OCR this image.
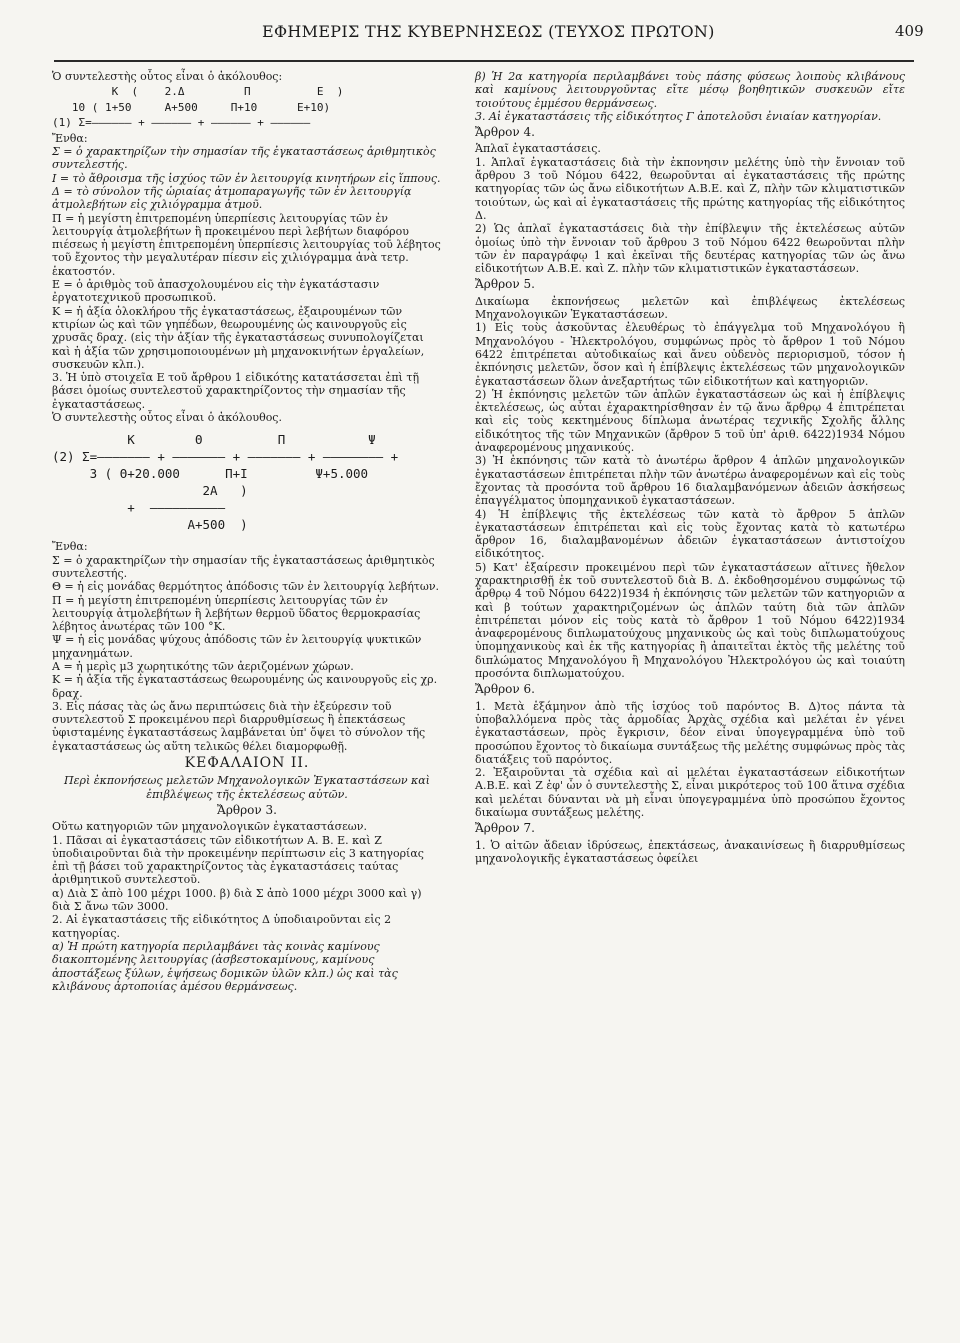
ΕΦΗΜΕΡΙΣ ΤΗΣ ΚΥΒΕΡΝΗΣΕΩΣ (ΤΕΥΧΟΣ ΠΡΩΤΟΝ)	409

Ὁ συντελεστὴς οὗτος εἶναι ὁ ἀκόλουθος:

K  (    2.Δ         Π          E  )

10 ( 1+50     A+500     Π+10      E+10)

(1) Σ=—————— + —————— + —————— + ——————

Ἔνθα:

Σ = ὁ χαρακτηρίζων τὴν σημασίαν τῆς ἐγκαταστάσεως ἀριθμητικὸς συντελεστής.

Ι = τὸ ἄθροισμα τῆς ἰσχύος τῶν ἐν λειτουργίᾳ κινητήρων εἰς ἵππους.

Δ = τὸ σύνολον τῆς ὡριαίας ἀτμοπαραγωγῆς τῶν ἐν λειτουργίᾳ ἀτμολεβήτων εἰς χιλιόγραμμα ἀτμοῦ.

Π = ἡ μεγίστη ἐπιτρεπομένη ὑπερπίεσις λειτουργίας τῶν ἐν λειτουργίᾳ ἀτμολεβήτων ἢ προκειμένου περὶ λεβήτων διαφόρου πιέσεως ἡ μεγίστη ἐπιτρεπομένη ὑπερπίεσις λειτουργίας τοῦ λέβητος τοῦ ἔχοντος τὴν μεγαλυτέραν πίεσιν εἰς χιλιόγραμμα ἀνὰ τετρ. ἑκατοστόν.

Ε = ὁ ἀριθμὸς τοῦ ἀπασχολουμένου εἰς τὴν ἐγκατάστασιν ἐργατοτεχνικοῦ προσωπικοῦ.

Κ = ἡ ἀξία ὁλοκλήρου τῆς ἐγκαταστάσεως, ἐξαιρουμένων τῶν κτιρίων ὡς καὶ τῶν γηπέδων, θεωρουμένης ὡς καινουργοῦς εἰς χρυσᾶς δραχ. (εἰς τὴν ἀξίαν τῆς ἐγκαταστάσεως συνυπολογίζεται καὶ ἡ ἀξία τῶν χρησιμοποιουμένων μὴ μηχανοκινήτων ἐργαλείων, συσκευῶν κλπ.).

3. Ἡ ὑπὸ στοιχεῖα Ε τοῦ ἄρθρου 1 εἰδικότης κατατάσσεται ἐπὶ τῇ βάσει ὁμοίως συντελεστοῦ χαρακτηρίζοντος τὴν σημασίαν τῆς ἐγκαταστάσεως.

Ὁ συντελεστὴς οὗτος εἶναι ὁ ἀκόλουθος.

K        Θ          Π           Ψ

(2) Σ=——————— + ——————— + ——————— + ———————— +

3 ( Θ+20.000      Π+Ι         Ψ+5.000

2A   )

+  ——————————

A+500  )

Ἔνθα:

Σ = ὁ χαρακτηρίζων τὴν σημασίαν τῆς ἐγκαταστάσεως ἀριθμητικὸς συντελεστής.

Θ = ἡ εἰς μονάδας θερμότητος ἀπόδοσις τῶν ἐν λειτουργίᾳ λεβήτων.

Π = ἡ μεγίστη ἐπιτρεπομένη ὑπερπίεσις λειτουργίας τῶν ἐν λειτουργίᾳ ἀτμολεβήτων ἢ λεβήτων θερμοῦ ὕδατος θερμοκρασίας λέβητος ἀνωτέρας τῶν 100 °Κ.

Ψ = ἡ εἰς μονάδας ψύχους ἀπόδοσις τῶν ἐν λειτουργίᾳ ψυκτικῶν μηχανημάτων.

Α = ἡ μερὶς μ3 χωρητικότης τῶν ἀεριζομένων χώρων.

Κ = ἡ ἀξία τῆς ἐγκαταστάσεως θεωρουμένης ὡς καινουργοῦς εἰς χρ. δραχ.

3. Εἰς πάσας τὰς ὡς ἄνω περιπτώσεις διὰ τὴν ἐξεύρεσιν τοῦ συντελεστοῦ Σ προκειμένου περὶ διαρρυθμίσεως ἢ ἐπεκτάσεως ὑφισταμένης ἐγκαταστάσεως λαμβάνεται ὑπ' ὄψει τὸ σύνολον τῆς ἐγκαταστάσεως ὡς αὕτη τελικῶς θέλει διαμορφωθῇ.

ΚΕΦΑΛΑΙΟΝ ΙΙ.

Περὶ ἐκπονήσεως μελετῶν Μηχανολογικῶν Ἐγκαταστάσεων καὶ ἐπιβλέψεως τῆς ἐκτελέσεως αὐτῶν.

Ἄρθρον 3.

Οὕτω κατηγοριῶν τῶν μηχανολογικῶν ἐγκαταστάσεων.

1. Πᾶσαι αἱ ἐγκαταστάσεις τῶν εἰδικοτήτων Α. Β. Ε. καὶ Ζ ὑποδιαιροῦνται διὰ τὴν προκειμένην περίπτωσιν εἰς 3 κατηγορίας ἐπὶ τῇ βάσει τοῦ χαρακτηρίζοντος τὰς ἐγκαταστάσεις ταύτας ἀριθμητικοῦ συντελεστοῦ.

α) Διὰ Σ ἀπὸ 100 μέχρι 1000. β) διὰ Σ ἀπὸ 1000 μέχρι 3000 καὶ γ) διὰ Σ ἄνω τῶν 3000.

2. Αἱ ἐγκαταστάσεις τῆς εἰδικότητος Δ ὑποδιαιροῦνται εἰς 2 κατηγορίας.

α) Ἡ πρώτη κατηγορία περιλαμβάνει τὰς κοινὰς καμίνους διακοπτομένης λειτουργίας (ἀσβεστοκαμίνους, καμίνους ἀποστάξεως ξύλων, ἑψήσεως δομικῶν ὑλῶν κλπ.) ὡς καὶ τὰς κλιβάνους ἀρτοποιίας ἀμέσου θερμάνσεως.

β) Ἡ 2α κατηγορία περιλαμβάνει τοὺς πάσης φύσεως λοιποὺς κλιβάνους καὶ καμίνους λειτουργοῦντας εἴτε μέσῳ βοηθητικῶν συσκευῶν εἴτε τοιούτους ἐμμέσου θερμάνσεως.

3. Αἱ ἐγκαταστάσεις τῆς εἰδικότητος Γ ἀποτελοῦσι ἐνιαίαν κατηγορίαν.

Ἄρθρον 4.

Ἁπλαῖ ἐγκαταστάσεις.

1. Ἁπλαῖ ἐγκαταστάσεις διὰ τὴν ἐκπονησιν μελέτης ὑπὸ τὴν ἔννοιαν τοῦ ἄρθρου 3 τοῦ Νόμου 6422, θεωροῦνται αἱ ἐγκαταστάσεις τῆς πρώτης κατηγορίας τῶν ὡς ἄνω εἰδικοτήτων Α.Β.Ε. καὶ Ζ, πλὴν τῶν κλιματιστικῶν τοιούτων, ὡς καὶ αἱ ἐγκαταστάσεις τῆς πρώτης κατηγορίας τῆς εἰδικότητος Δ.

2) Ὡς ἁπλαῖ ἐγκαταστάσεις διὰ τὴν ἐπίβλεψιν τῆς ἐκτελέσεως αὐτῶν ὁμοίως ὑπὸ τὴν ἔννοιαν τοῦ ἄρθρου 3 τοῦ Νόμου 6422 θεωροῦνται πλὴν τῶν ἐν παραγράφῳ 1 καὶ ἐκεῖναι τῆς δευτέρας κατηγορίας τῶν ὡς ἄνω εἰδικοτήτων Α.Β.Ε. καὶ Ζ. πλὴν τῶν κλιματιστικῶν ἐγκαταστάσεων.

Ἄρθρον 5.

Δικαίωμα ἐκπονήσεως μελετῶν καὶ ἐπιβλέψεως ἐκτελέσεως Μηχανολογικῶν Ἐγκαταστάσεων.

1) Εἰς τοὺς ἀσκοῦντας ἐλευθέρως τὸ ἐπάγγελμα τοῦ Μηχανολόγου ἢ Μηχανολόγου - Ἠλεκτρολόγου, συμφώνως πρὸς τὸ ἄρθρον 1 τοῦ Νόμου 6422 ἐπιτρέπεται αὐτοδικαίως καὶ ἄνευ οὐδενὸς περιορισμοῦ, τόσον ἡ ἐκπόνησις μελετῶν, ὅσον καὶ ἡ ἐπίβλεψις ἐκτελέσεως τῶν μηχανολογικῶν ἐγκαταστάσεων ὅλων ἀνεξαρτήτως τῶν εἰδικοτήτων καὶ κατηγοριῶν.

2) Ἡ ἐκπόνησις μελετῶν τῶν ἁπλῶν ἐγκαταστάσεων ὡς καὶ ἡ ἐπίβλεψις ἐκτελέσεως, ὡς αὗται ἐχαρακτηρίσθησαν ἐν τῷ ἄνω ἄρθρῳ 4 ἐπιτρέπεται καὶ εἰς τοὺς κεκτημένους δίπλωμα ἀνωτέρας τεχνικῆς Σχολῆς ἄλλης εἰδικότητος τῆς τῶν Μηχανικῶν (ἄρθρον 5 τοῦ ὑπ' ἀριθ. 6422)1934 Νόμου ἀναφερομένους μηχανικούς.

3) Ἡ ἐκπόνησις τῶν κατὰ τὸ ἀνωτέρω ἄρθρον 4 ἁπλῶν μηχανολογικῶν ἐγκαταστάσεων ἐπιτρέπεται πλὴν τῶν ἀνωτέρω ἀναφερομένων καὶ εἰς τοὺς ἔχοντας τὰ προσόντα τοῦ ἄρθρου 16 διαλαμβανόμενων ἀδειῶν ἀσκήσεως ἐπαγγέλματος ὑπομηχανικοῦ ἐγκαταστάσεων.

4) Ἡ ἐπίβλεψις τῆς ἐκτελέσεως τῶν κατὰ τὸ ἄρθρον 5 ἁπλῶν ἐγκαταστάσεων ἐπιτρέπεται καὶ εἰς τοὺς ἔχοντας κατὰ τὸ κατωτέρω ἄρθρον 16, διαλαμβανομένων ἀδειῶν ἐγκαταστάσεων ἀντιστοίχου εἰδικότητος.

5) Κατ' ἐξαίρεσιν προκειμένου περὶ τῶν ἐγκαταστάσεων αἵτινες ἤθελον χαρακτηρισθῇ ἐκ τοῦ συντελεστοῦ διὰ Β. Δ. ἐκδοθησομένου συμφώνως τῷ ἄρθρῳ 4 τοῦ Νόμου 6422)1934 ἡ ἐκπόνησις τῶν μελετῶν τῶν κατηγοριῶν α καὶ β τούτων χαρακτηριζομένων ὡς ἁπλῶν ταύτη διὰ τῶν ἁπλῶν ἐπιτρέπεται μόνον εἰς τοὺς κατὰ τὸ ἄρθρον 1 τοῦ Νόμου 6422)1934 ἀναφερομένους διπλωματούχους μηχανικοὺς ὡς καὶ τοὺς διπλωματούχους ὑπομηχανικοὺς καὶ ἐκ τῆς κατηγορίας ἢ ἀπαιτεῖται ἐκτὸς τῆς μελέτης τοῦ διπλώματος Μηχανολόγου ἢ Μηχανολόγου Ἠλεκτρολόγου ὡς καὶ τοιαύτη προσόντα διπλωματούχου.

Ἄρθρον 6.

1. Μετὰ ἑξάμηνον ἀπὸ τῆς ἰσχύος τοῦ παρόντος Β. Δ)τος πάντα τὰ ὑποβαλλόμενα πρὸς τὰς ἁρμοδίας Ἀρχὰς σχέδια καὶ μελέται ἐν γένει ἐγκαταστάσεων, πρὸς ἔγκρισιν, δέον εἶναι ὑπογεγραμμένα ὑπὸ τοῦ προσώπου ἔχοντος τὸ δικαίωμα συντάξεως τῆς μελέτης συμφώνως πρὸς τὰς διατάξεις τοῦ παρόντος.

2. Ἐξαιροῦνται τὰ σχέδια καὶ αἱ μελέται ἐγκαταστάσεων εἰδικοτήτων Α.Β.Ε. καὶ Ζ ἐφ' ὧν ὁ συντελεστὴς Σ, εἶναι μικρότερος τοῦ 100 ἅτινα σχέδια καὶ μελέται δύνανται νὰ μὴ εἶναι ὑπογεγραμμένα ὑπὸ προσώπου ἔχοντος δικαίωμα συντάξεως μελέτης.

Ἄρθρον 7.

1. Ὁ αἰτῶν ἄδειαν ἱδρύσεως, ἐπεκτάσεως, ἀνακαινίσεως ἢ διαρρυθμίσεως μηχανολογικῆς ἐγκαταστάσεως ὀφείλει
